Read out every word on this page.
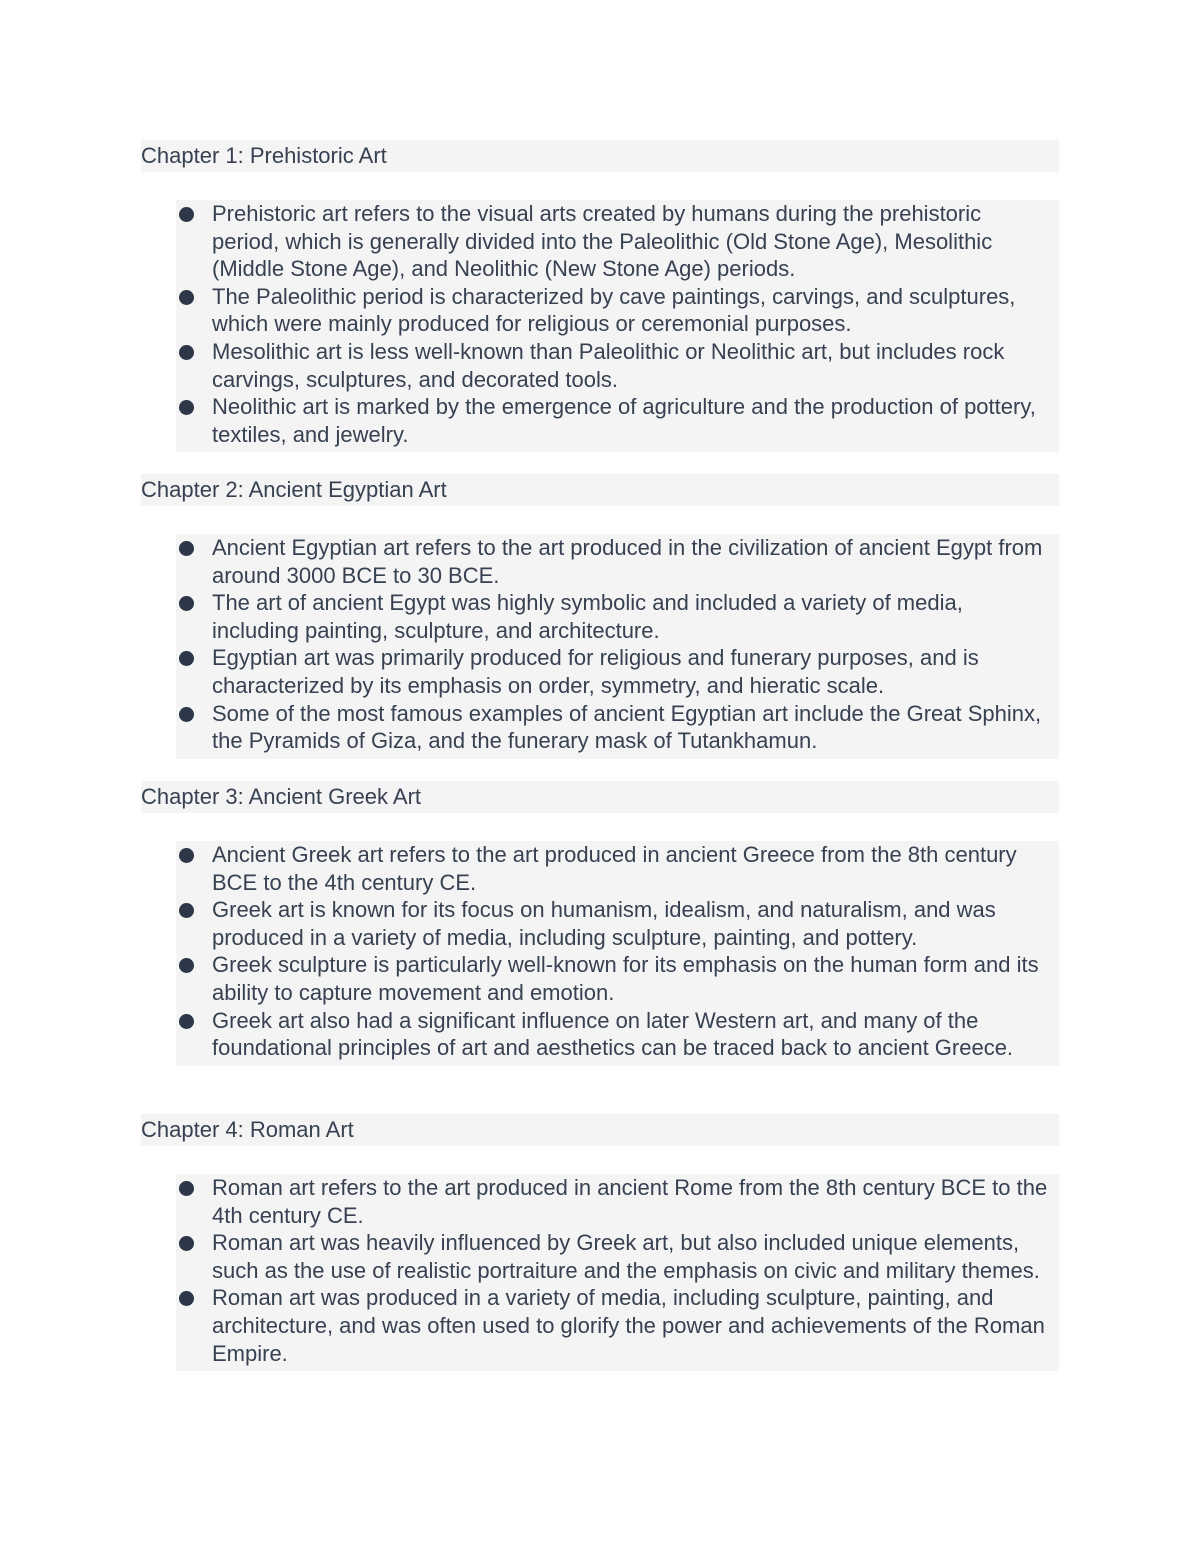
Chapter 1: Prehistoric Art
Prehistoric art refers to the visual arts created by humans during the prehistoric period, which is generally divided into the Paleolithic (Old Stone Age), Mesolithic (Middle Stone Age), and Neolithic (New Stone Age) periods.
The Paleolithic period is characterized by cave paintings, carvings, and sculptures, which were mainly produced for religious or ceremonial purposes.
Mesolithic art is less well-known than Paleolithic or Neolithic art, but includes rock carvings, sculptures, and decorated tools.
Neolithic art is marked by the emergence of agriculture and the production of pottery, textiles, and jewelry.
Chapter 2: Ancient Egyptian Art
Ancient Egyptian art refers to the art produced in the civilization of ancient Egypt from around 3000 BCE to 30 BCE.
The art of ancient Egypt was highly symbolic and included a variety of media, including painting, sculpture, and architecture.
Egyptian art was primarily produced for religious and funerary purposes, and is characterized by its emphasis on order, symmetry, and hieratic scale.
Some of the most famous examples of ancient Egyptian art include the Great Sphinx, the Pyramids of Giza, and the funerary mask of Tutankhamun.
Chapter 3: Ancient Greek Art
Ancient Greek art refers to the art produced in ancient Greece from the 8th century BCE to the 4th century CE.
Greek art is known for its focus on humanism, idealism, and naturalism, and was produced in a variety of media, including sculpture, painting, and pottery.
Greek sculpture is particularly well-known for its emphasis on the human form and its ability to capture movement and emotion.
Greek art also had a significant influence on later Western art, and many of the foundational principles of art and aesthetics can be traced back to ancient Greece.
Chapter 4: Roman Art
Roman art refers to the art produced in ancient Rome from the 8th century BCE to the 4th century CE.
Roman art was heavily influenced by Greek art, but also included unique elements, such as the use of realistic portraiture and the emphasis on civic and military themes.
Roman art was produced in a variety of media, including sculpture, painting, and architecture, and was often used to glorify the power and achievements of the Roman Empire.
